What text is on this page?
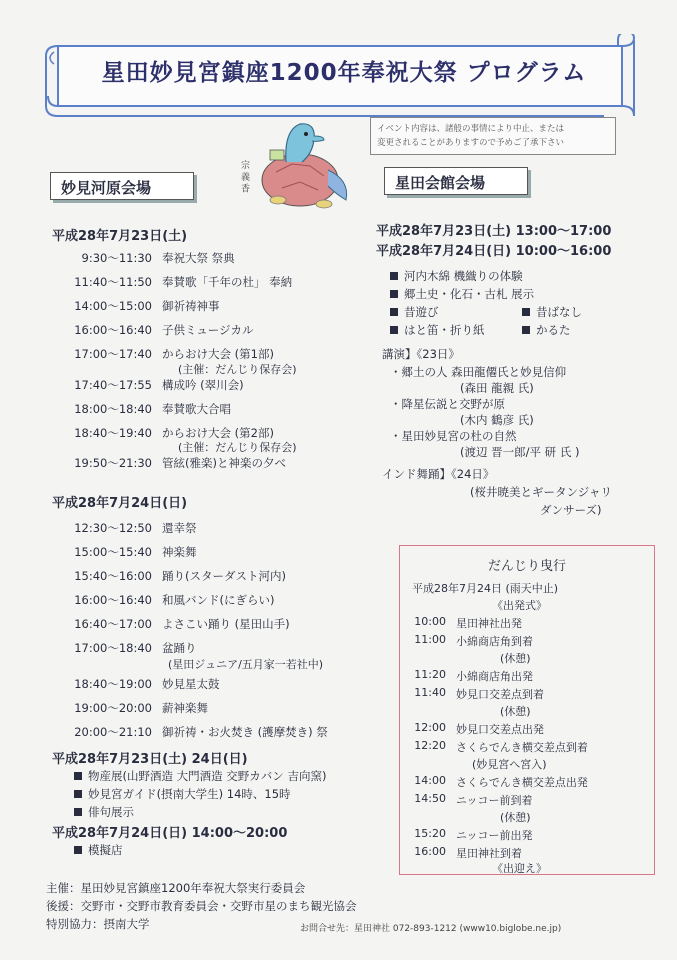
星田妙見宮鎮座1200年奉祝大祭 プログラム
宗 義 香
イベント内容は、諸般の事情により中止、または
変更されることがありますので予めご了承下さい
妙見河原会場	星田会館会場
平成28年7月23日(土)
9:30〜11:30 奉祝大祭 祭典
11:40〜11:50 奉賛歌「千年の杜」 奉納
14:00〜15:00 御祈祷神事
16:00〜16:40 子供ミュージカル
17:00〜17:40 からおけ大会 (第1部)
(主催：だんじり保存会)
17:40〜17:55 構成吟 (翠川会)
18:00〜18:40 奉賛歌大合唱
18:40〜19:40 からおけ大会 (第2部)
(主催：だんじり保存会)
19:50〜21:30 管絃(雅楽)と神楽の夕べ
平成28年7月24日(日)
12:30〜12:50 還幸祭
15:00〜15:40 神楽舞
15:40〜16:00 踊り(スターダスト河内)
16:00〜16:40 和風バンド(にぎらい)
16:40〜17:00 よさこい踊り (星田山手)
17:00〜18:40 盆踊り
(星田ジュニア/五月家一若社中)
18:40〜19:00 妙見星太鼓
19:00〜20:00 薪神楽舞
20:00〜21:10 御祈祷・お火焚き (護摩焚き) 祭
平成28年7月23日(土) 24日(日)
物産展(山野酒造 大門酒造 交野カバン 吉向窯)
妙見宮ガイド(摂南大学生) 14時、15時
俳句展示
平成28年7月24日(日) 14:00〜20:00
模擬店
平成28年7月23日(土) 13:00〜17:00
平成28年7月24日(日) 10:00〜16:00
河内木綿 機織りの体験
郷土史・化石・古札 展示
昔遊び	昔ばなし
はと笛・折り紙	かるた
講演】《23日》
・郷土の人 森田龍僊氏と妙見信仰
(森田 龍親 氏)
・降星伝説と交野が原
(木内 鶴彦 氏)
・星田妙見宮の杜の自然
(渡辺 晋一郎/平 研 氏 )
インド舞踊】《24日》
(桜井暁美とギータンジャリ
ダンサーズ)
だんじり曳行
平成28年7月24日 (雨天中止)
《出発式》
10:00 星田神社出発
11:00 小綿商店角到着
(休憩)
11:20 小綿商店角出発
11:40 妙見口交差点到着
(休憩)
12:00 妙見口交差点出発
12:20 さくらでんき横交差点到着
(妙見宮へ宮入)
14:00 さくらでんき横交差点出発
14:50 ニッコー前到着
(休憩)
15:20 ニッコー前出発
16:00 星田神社到着
《出迎え》
主催：星田妙見宮鎮座1200年奉祝大祭実行委員会
後援：交野市・交野市教育委員会・交野市星のまち観光協会
特別協力：摂南大学	お問合せ先：星田神社 072-893-1212 (www10.biglobe.ne.jp)
